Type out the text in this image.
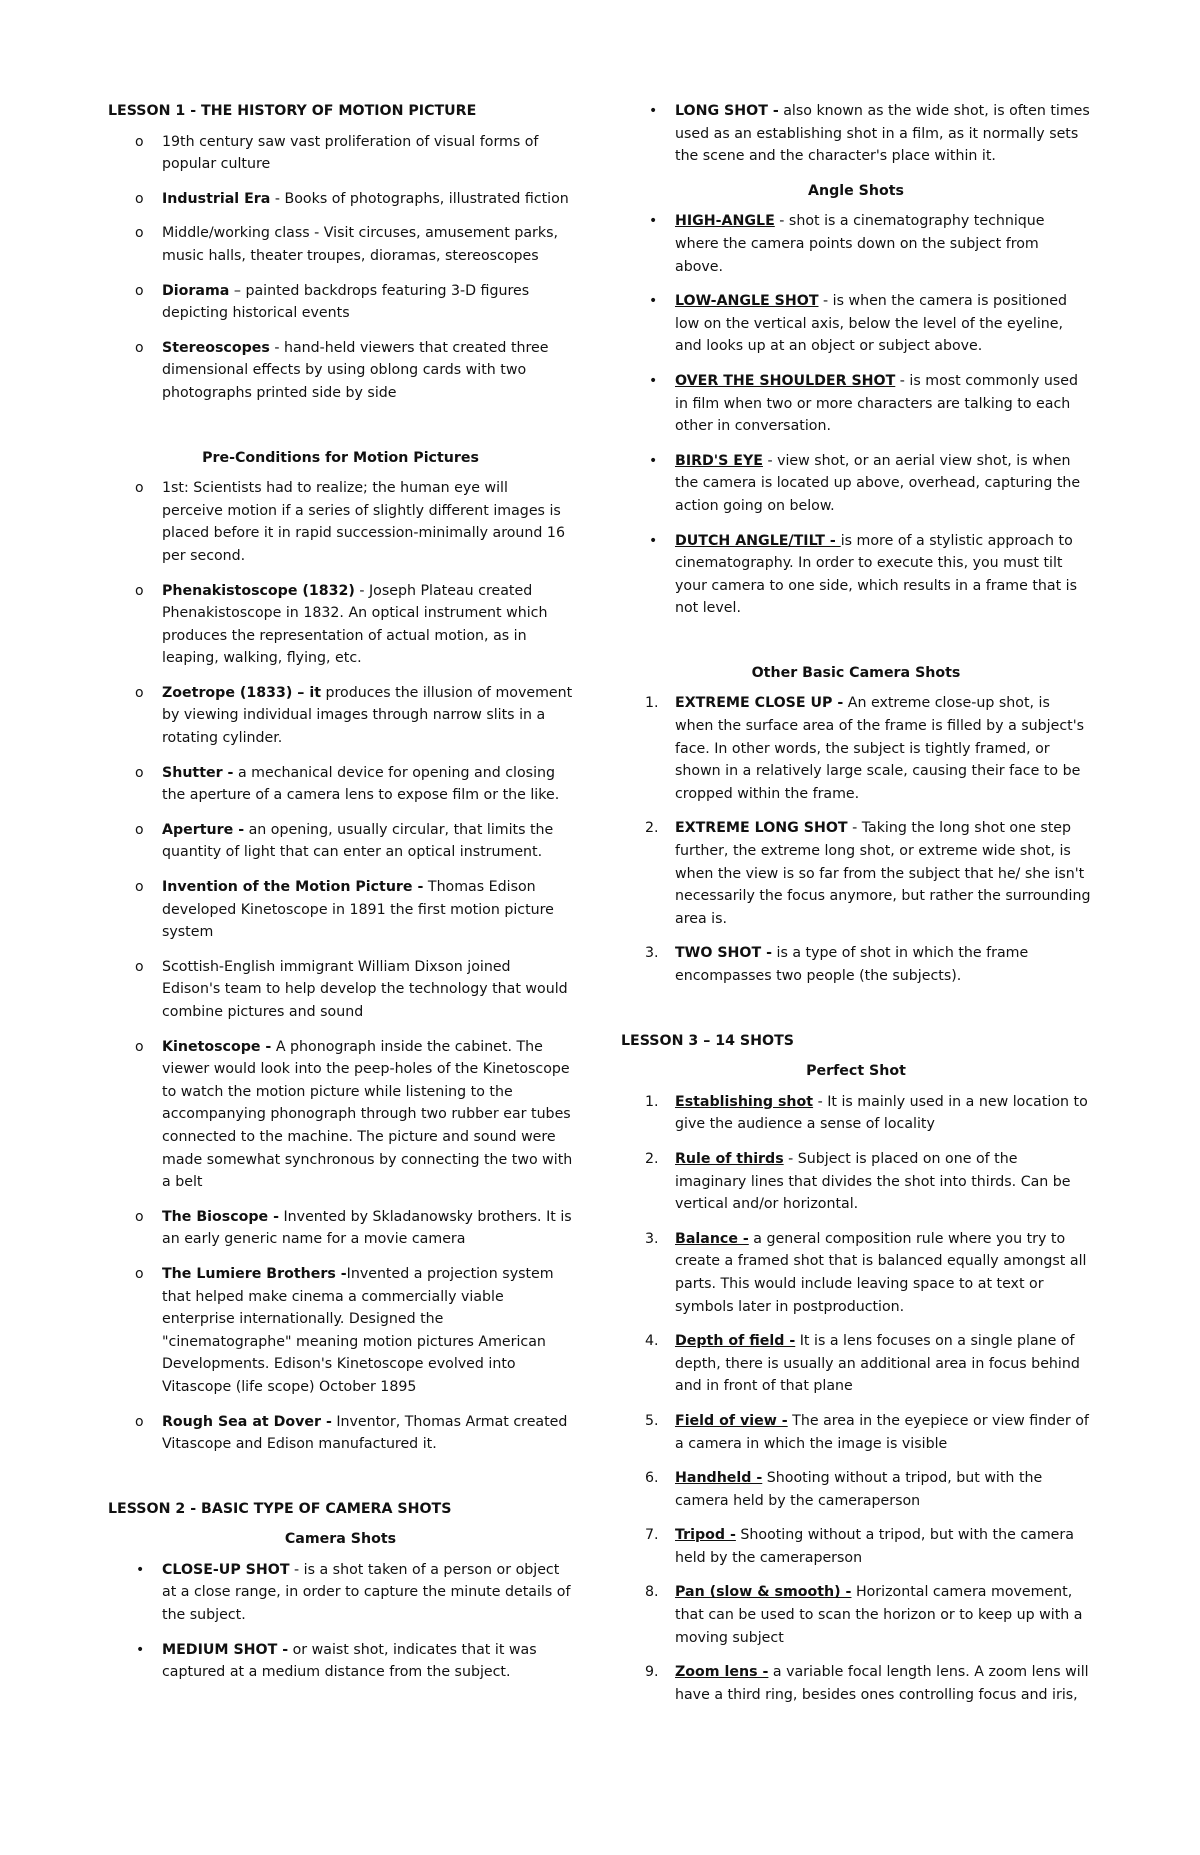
LESSON 1 - THE HISTORY OF MOTION PICTURE
o	19th century saw vast proliferation of visual forms of popular culture
o	Industrial Era - Books of photographs, illustrated fiction
o	Middle/working class - Visit circuses, amusement parks, music halls, theater troupes, dioramas, stereoscopes
o	Diorama – painted backdrops featuring 3-D figures depicting historical events
o	Stereoscopes - hand-held viewers that created three dimensional effects by using oblong cards with two photographs printed side by side
Pre-Conditions for Motion Pictures
o	1st: Scientists had to realize; the human eye will perceive motion if a series of slightly different images is placed before it in rapid succession-minimally around 16 per second.
o	Phenakistoscope (1832) - Joseph Plateau created Phenakistoscope in 1832. An optical instrument which produces the representation of actual motion, as in leaping, walking, flying, etc.
o	Zoetrope (1833) – it produces the illusion of movement by viewing individual images through narrow slits in a rotating cylinder.
o	Shutter - a mechanical device for opening and closing the aperture of a camera lens to expose film or the like.
o	Aperture - an opening, usually circular, that limits the quantity of light that can enter an optical instrument.
o	Invention of the Motion Picture - Thomas Edison developed Kinetoscope in 1891 the first motion picture system
o	Scottish-English immigrant William Dixson joined Edison's team to help develop the technology that would combine pictures and sound
o	Kinetoscope - A phonograph inside the cabinet. The viewer would look into the peep-holes of the Kinetoscope to watch the motion picture while listening to the accompanying phonograph through two rubber ear tubes connected to the machine. The picture and sound were made somewhat synchronous by connecting the two with a belt
o	The Bioscope - Invented by Skladanowsky brothers. It is an early generic name for a movie camera
o	The Lumiere Brothers -Invented a projection system that helped make cinema a commercially viable enterprise internationally. Designed the "cinematographe" meaning motion pictures American Developments. Edison's Kinetoscope evolved into Vitascope (life scope) October 1895
o	Rough Sea at Dover - Inventor, Thomas Armat created Vitascope and Edison manufactured it.
LESSON 2 - BASIC TYPE OF CAMERA SHOTS
Camera Shots
•	CLOSE-UP SHOT - is a shot taken of a person or object at a close range, in order to capture the minute details of the subject.
•	MEDIUM SHOT - or waist shot, indicates that it was captured at a medium distance from the subject.
•	LONG SHOT - also known as the wide shot, is often times used as an establishing shot in a film, as it normally sets the scene and the character's place within it.
Angle Shots
•	HIGH-ANGLE - shot is a cinematography technique where the camera points down on the subject from above.
•	LOW-ANGLE SHOT - is when the camera is positioned low on the vertical axis, below the level of the eyeline, and looks up at an object or subject above.
•	OVER THE SHOULDER SHOT - is most commonly used in film when two or more characters are talking to each other in conversation.
•	BIRD'S EYE - view shot, or an aerial view shot, is when the camera is located up above, overhead, capturing the action going on below.
•	DUTCH ANGLE/TILT - is more of a stylistic approach to cinematography. In order to execute this, you must tilt your camera to one side, which results in a frame that is not level.
Other Basic Camera Shots
1.	EXTREME CLOSE UP - An extreme close-up shot, is when the surface area of the frame is filled by a subject's face. In other words, the subject is tightly framed, or shown in a relatively large scale, causing their face to be cropped within the frame.
2.	EXTREME LONG SHOT - Taking the long shot one step further, the extreme long shot, or extreme wide shot, is when the view is so far from the subject that he/ she isn't necessarily the focus anymore, but rather the surrounding area is.
3.	TWO SHOT - is a type of shot in which the frame encompasses two people (the subjects).
LESSON 3 – 14 SHOTS
Perfect Shot
1.	Establishing shot - It is mainly used in a new location to give the audience a sense of locality
2.	Rule of thirds - Subject is placed on one of the imaginary lines that divides the shot into thirds. Can be vertical and/or horizontal.
3.	Balance - a general composition rule where you try to create a framed shot that is balanced equally amongst all parts. This would include leaving space to at text or symbols later in postproduction.
4.	Depth of field - It is a lens focuses on a single plane of depth, there is usually an additional area in focus behind and in front of that plane
5.	Field of view - The area in the eyepiece or view finder of a camera in which the image is visible
6.	Handheld - Shooting without a tripod, but with the camera held by the cameraperson
7.	Tripod - Shooting without a tripod, but with the camera held by the cameraperson
8.	Pan (slow & smooth) - Horizontal camera movement, that can be used to scan the horizon or to keep up with a moving subject
9.	Zoom lens - a variable focal length lens. A zoom lens will have a third ring, besides ones controlling focus and iris,
